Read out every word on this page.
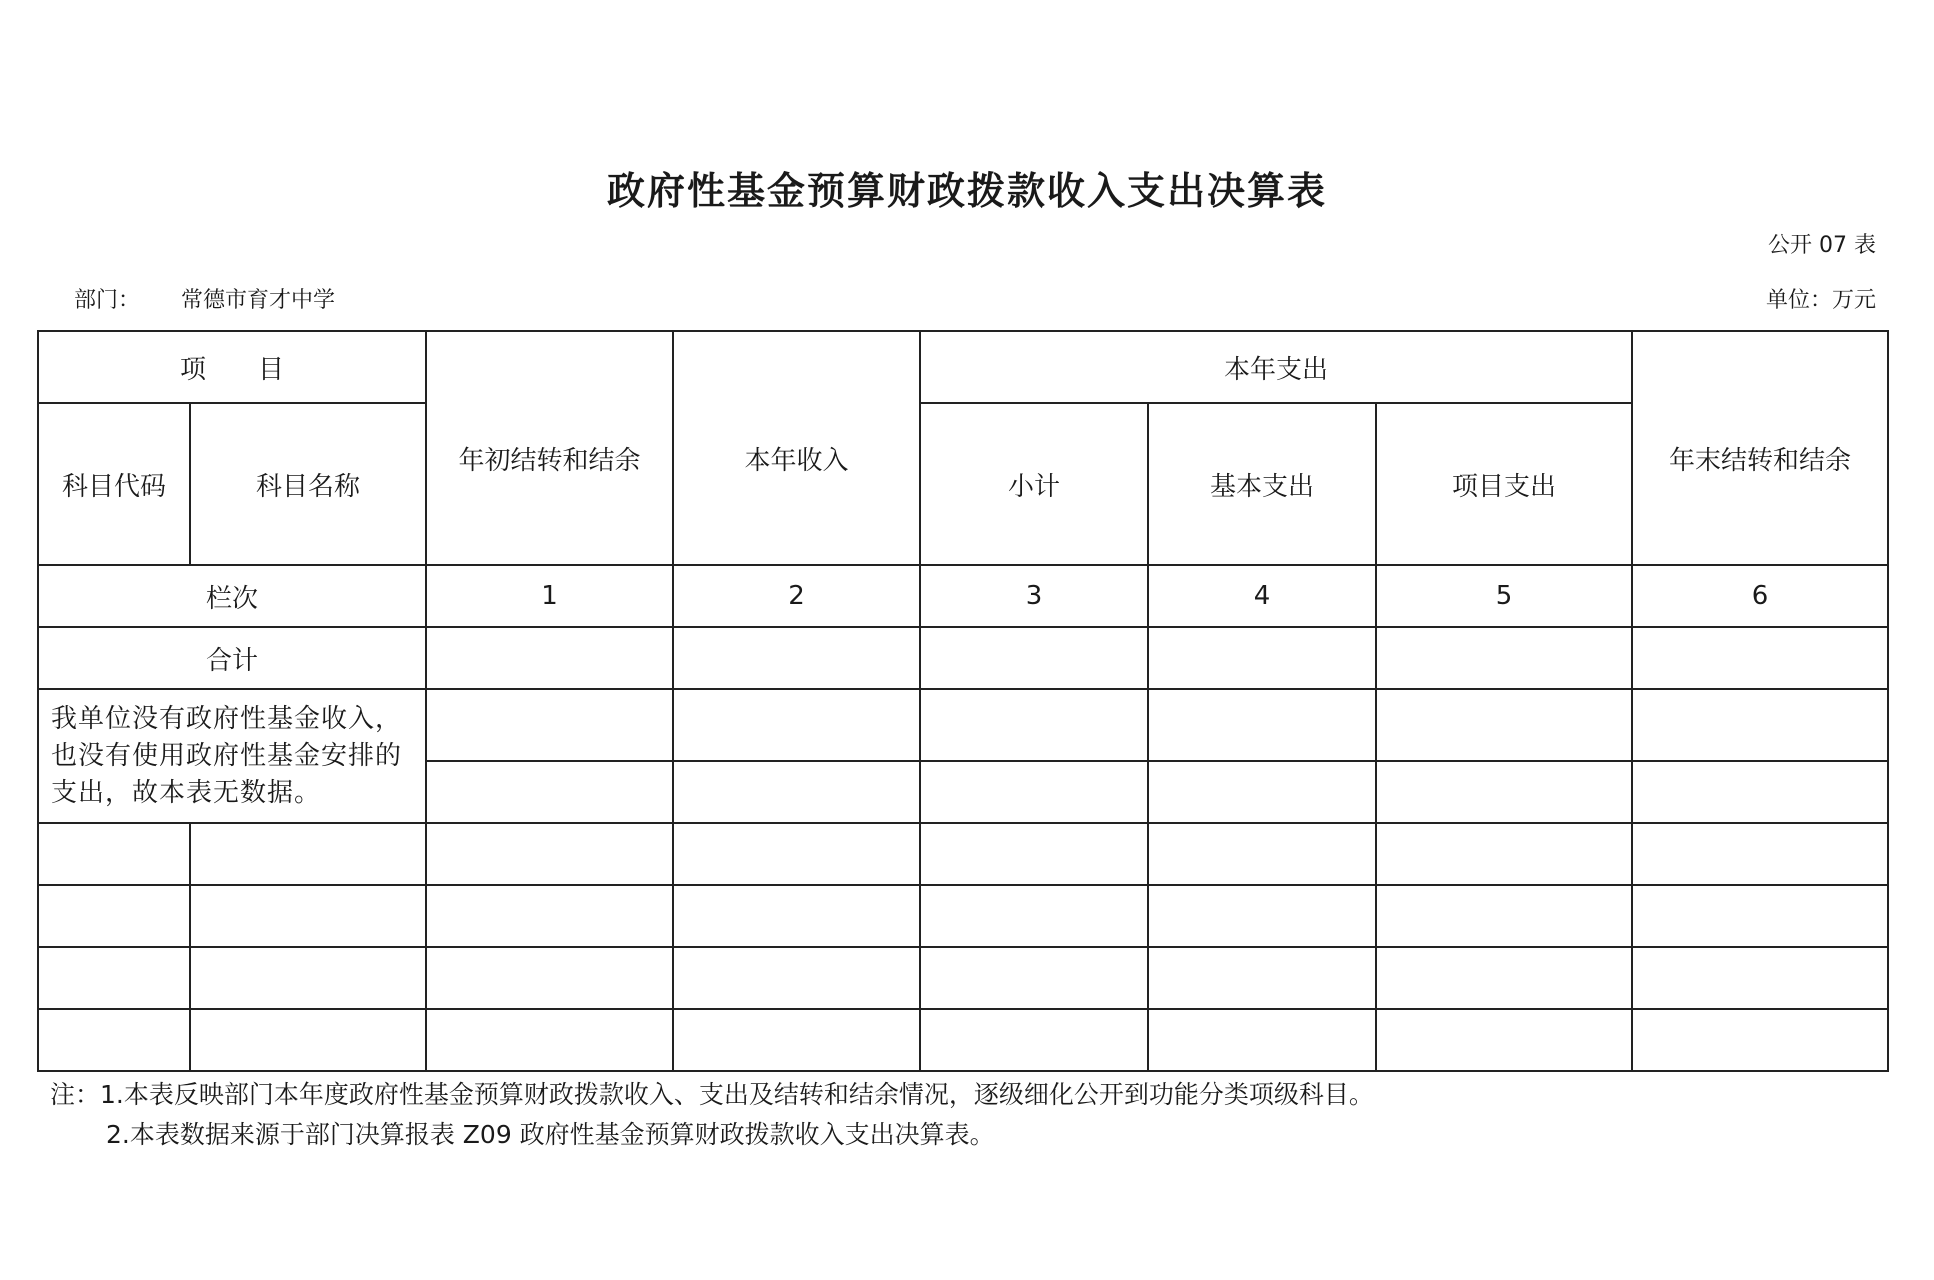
政府性基金预算财政拨款收入支出决算表
公开 07 表
部门： 常德市育才中学	单位：万元
项　　目		年初结转和结余	本年收入	本年支出			年末结转和结余
科目代码	科目名称			小计	基本支出	项目支出	
栏次		1	2	3	4	5	6
合计							
我单位没有政府性基金收入，也没有使用政府性基金安排的支出，故本表无数据。							

注：1.本表反映部门本年度政府性基金预算财政拨款收入、支出及结转和结余情况，逐级细化公开到功能分类项级科目。
2.本表数据来源于部门决算报表 Z09 政府性基金预算财政拨款收入支出决算表。
